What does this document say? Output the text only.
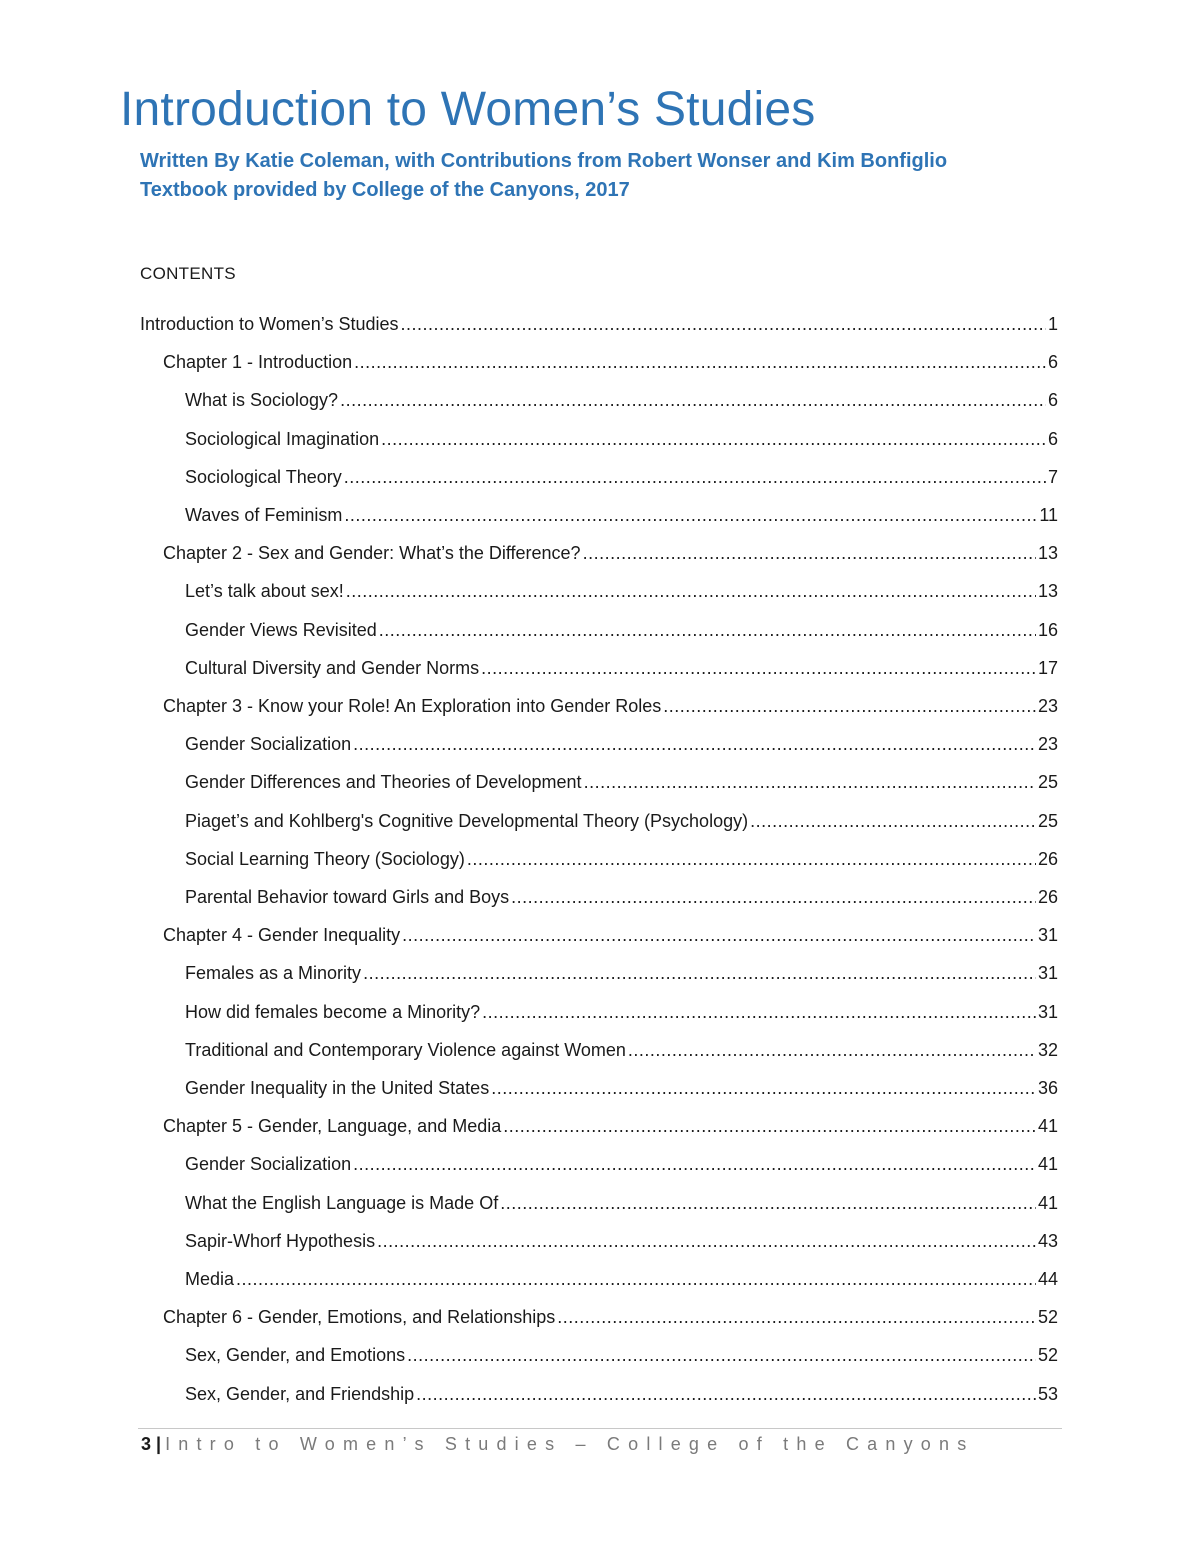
Introduction to Women’s Studies
Written By Katie Coleman, with Contributions from Robert Wonser and Kim Bonfiglio
Textbook provided by College of the Canyons, 2017
CONTENTS
Introduction to Women’s Studies .....	1
Chapter 1 - Introduction .....	6
What is Sociology? .....	6
Sociological Imagination .....	6
Sociological Theory .....	7
Waves of Feminism .....	11
Chapter 2 - Sex and Gender: What’s the Difference? .....	13
Let’s talk about sex! .....	13
Gender Views Revisited .....	16
Cultural Diversity and Gender Norms .....	17
Chapter 3 - Know your Role! An Exploration into Gender Roles .....	23
Gender Socialization .....	23
Gender Differences and Theories of Development .....	25
Piaget’s and Kohlberg's Cognitive Developmental Theory (Psychology) .....	25
Social Learning Theory (Sociology) .....	26
Parental Behavior toward Girls and Boys .....	26
Chapter 4 - Gender Inequality .....	31
Females as a Minority .....	31
How did females become a Minority? .....	31
Traditional and Contemporary Violence against Women .....	32
Gender Inequality in the United States .....	36
Chapter 5 - Gender, Language, and Media .....	41
Gender Socialization .....	41
What the English Language is Made Of .....	41
Sapir-Whorf Hypothesis .....	43
Media .....	44
Chapter 6 - Gender, Emotions, and Relationships .....	52
Sex, Gender, and Emotions .....	52
Sex, Gender, and Friendship .....	53
3 | Intro to Women’s Studies – College of the Canyons
